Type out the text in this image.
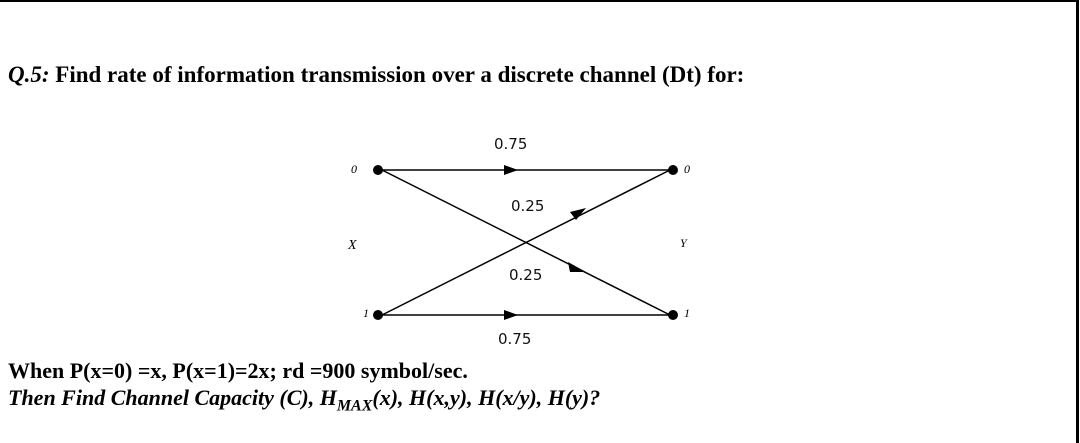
Q.5: Find rate of information transmission over a discrete channel (Dt) for:
0
1
X
0
1
Y
0.75
0.25
0.25
0.75
When P(x=0) =x, P(x=1)=2x; rd =900 symbol/sec.
Then Find Channel Capacity (C), $H_{MAX}(x)$, H(x,y), H(x/y), H(y)?
